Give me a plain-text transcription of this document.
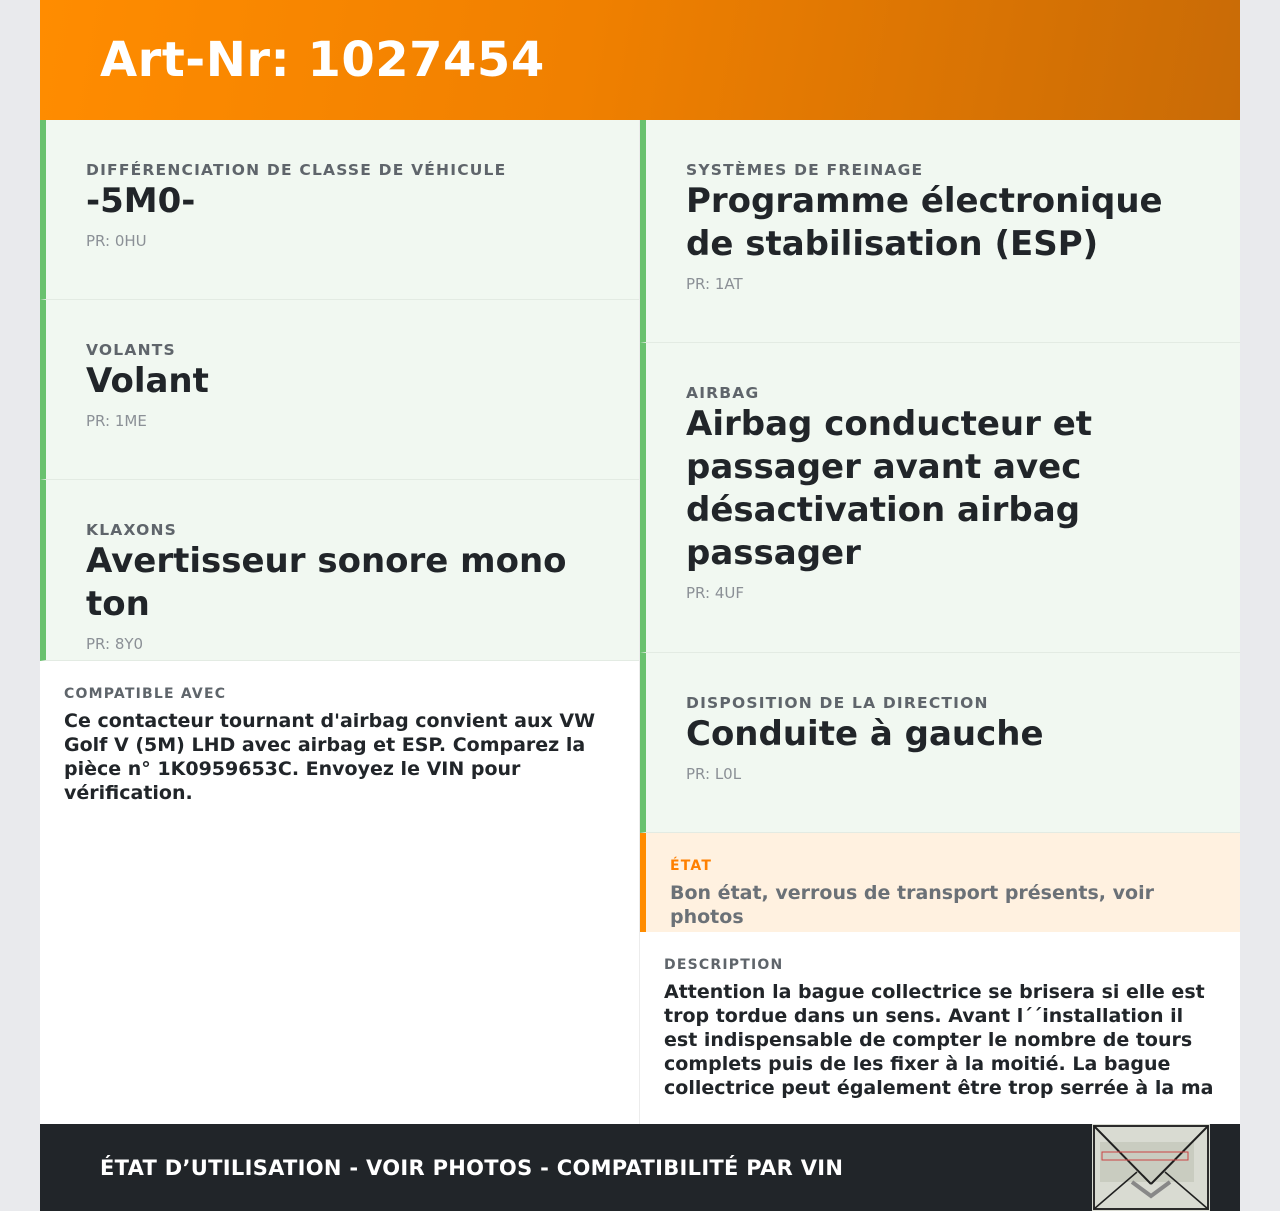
Art-Nr: 1027454
DIFFÉRENCIATION DE CLASSE DE VÉHICULE
-5M0-
PR: 0HU
VOLANTS
Volant
PR: 1ME
KLAXONS
Avertisseur sonore mono ton
PR: 8Y0
COMPATIBLE AVEC
Ce contacteur tournant d'airbag convient aux VW Golf V (5M) LHD avec airbag et ESP. Comparez la pièce n° 1K0959653C. Envoyez le VIN pour vérification.
SYSTÈMES DE FREINAGE
Programme électronique de stabilisation (ESP)
PR: 1AT
AIRBAG
Airbag conducteur et passager avant avec désactivation airbag passager
PR: 4UF
DISPOSITION DE LA DIRECTION
Conduite à gauche
PR: L0L
ÉTAT
Bon état, verrous de transport présents, voir photos
DESCRIPTION
Attention la bague collectrice se brisera si elle est trop tordue dans un sens. Avant l´´installation il est indispensable de compter le nombre de tours complets puis de les fixer à la moitié. La bague collectrice peut également être trop serrée à la ma
ÉTAT D’UTILISATION - VOIR PHOTOS - COMPATIBILITÉ PAR VIN
